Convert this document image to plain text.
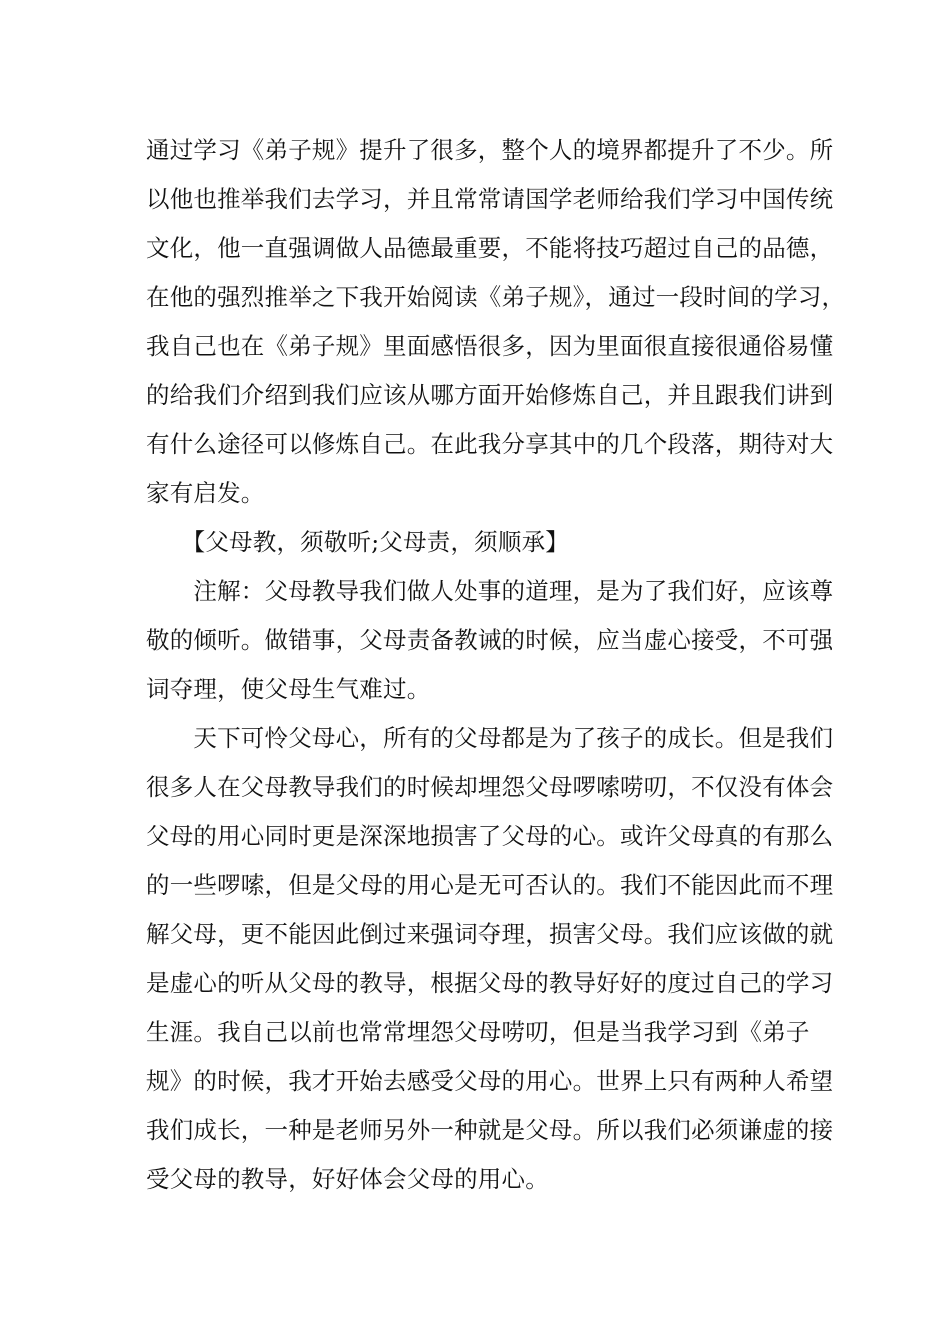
通过学习《弟子规》提升了很多，整个人的境界都提升了不少。所
以他也推举我们去学习，并且常常请国学老师给我们学习中国传统
文化，他一直强调做人品德最重要，不能将技巧超过自己的品德，
在他的强烈推举之下我开始阅读《弟子规》，通过一段时间的学习，
我自己也在《弟子规》里面感悟很多，因为里面很直接很通俗易懂
的给我们介绍到我们应该从哪方面开始修炼自己，并且跟我们讲到
有什么途径可以修炼自己。在此我分享其中的几个段落，期待对大
家有启发。
　　【父母教，须敬听;父母责，须顺承】
　　注解：父母教导我们做人处事的道理，是为了我们好，应该尊
敬的倾听。做错事，父母责备教诫的时候，应当虚心接受，不可强
词夺理，使父母生气难过。
　　天下可怜父母心，所有的父母都是为了孩子的成长。但是我们
很多人在父母教导我们的时候却埋怨父母啰嗦唠叨，不仅没有体会
父母的用心同时更是深深地损害了父母的心。或许父母真的有那么
的一些啰嗦，但是父母的用心是无可否认的。我们不能因此而不理
解父母，更不能因此倒过来强词夺理，损害父母。我们应该做的就
是虚心的听从父母的教导，根据父母的教导好好的度过自己的学习
生涯。我自己以前也常常埋怨父母唠叨，但是当我学习到《弟子
规》的时候，我才开始去感受父母的用心。世界上只有两种人希望
我们成长，一种是老师另外一种就是父母。所以我们必须谦虚的接
受父母的教导，好好体会父母的用心。
